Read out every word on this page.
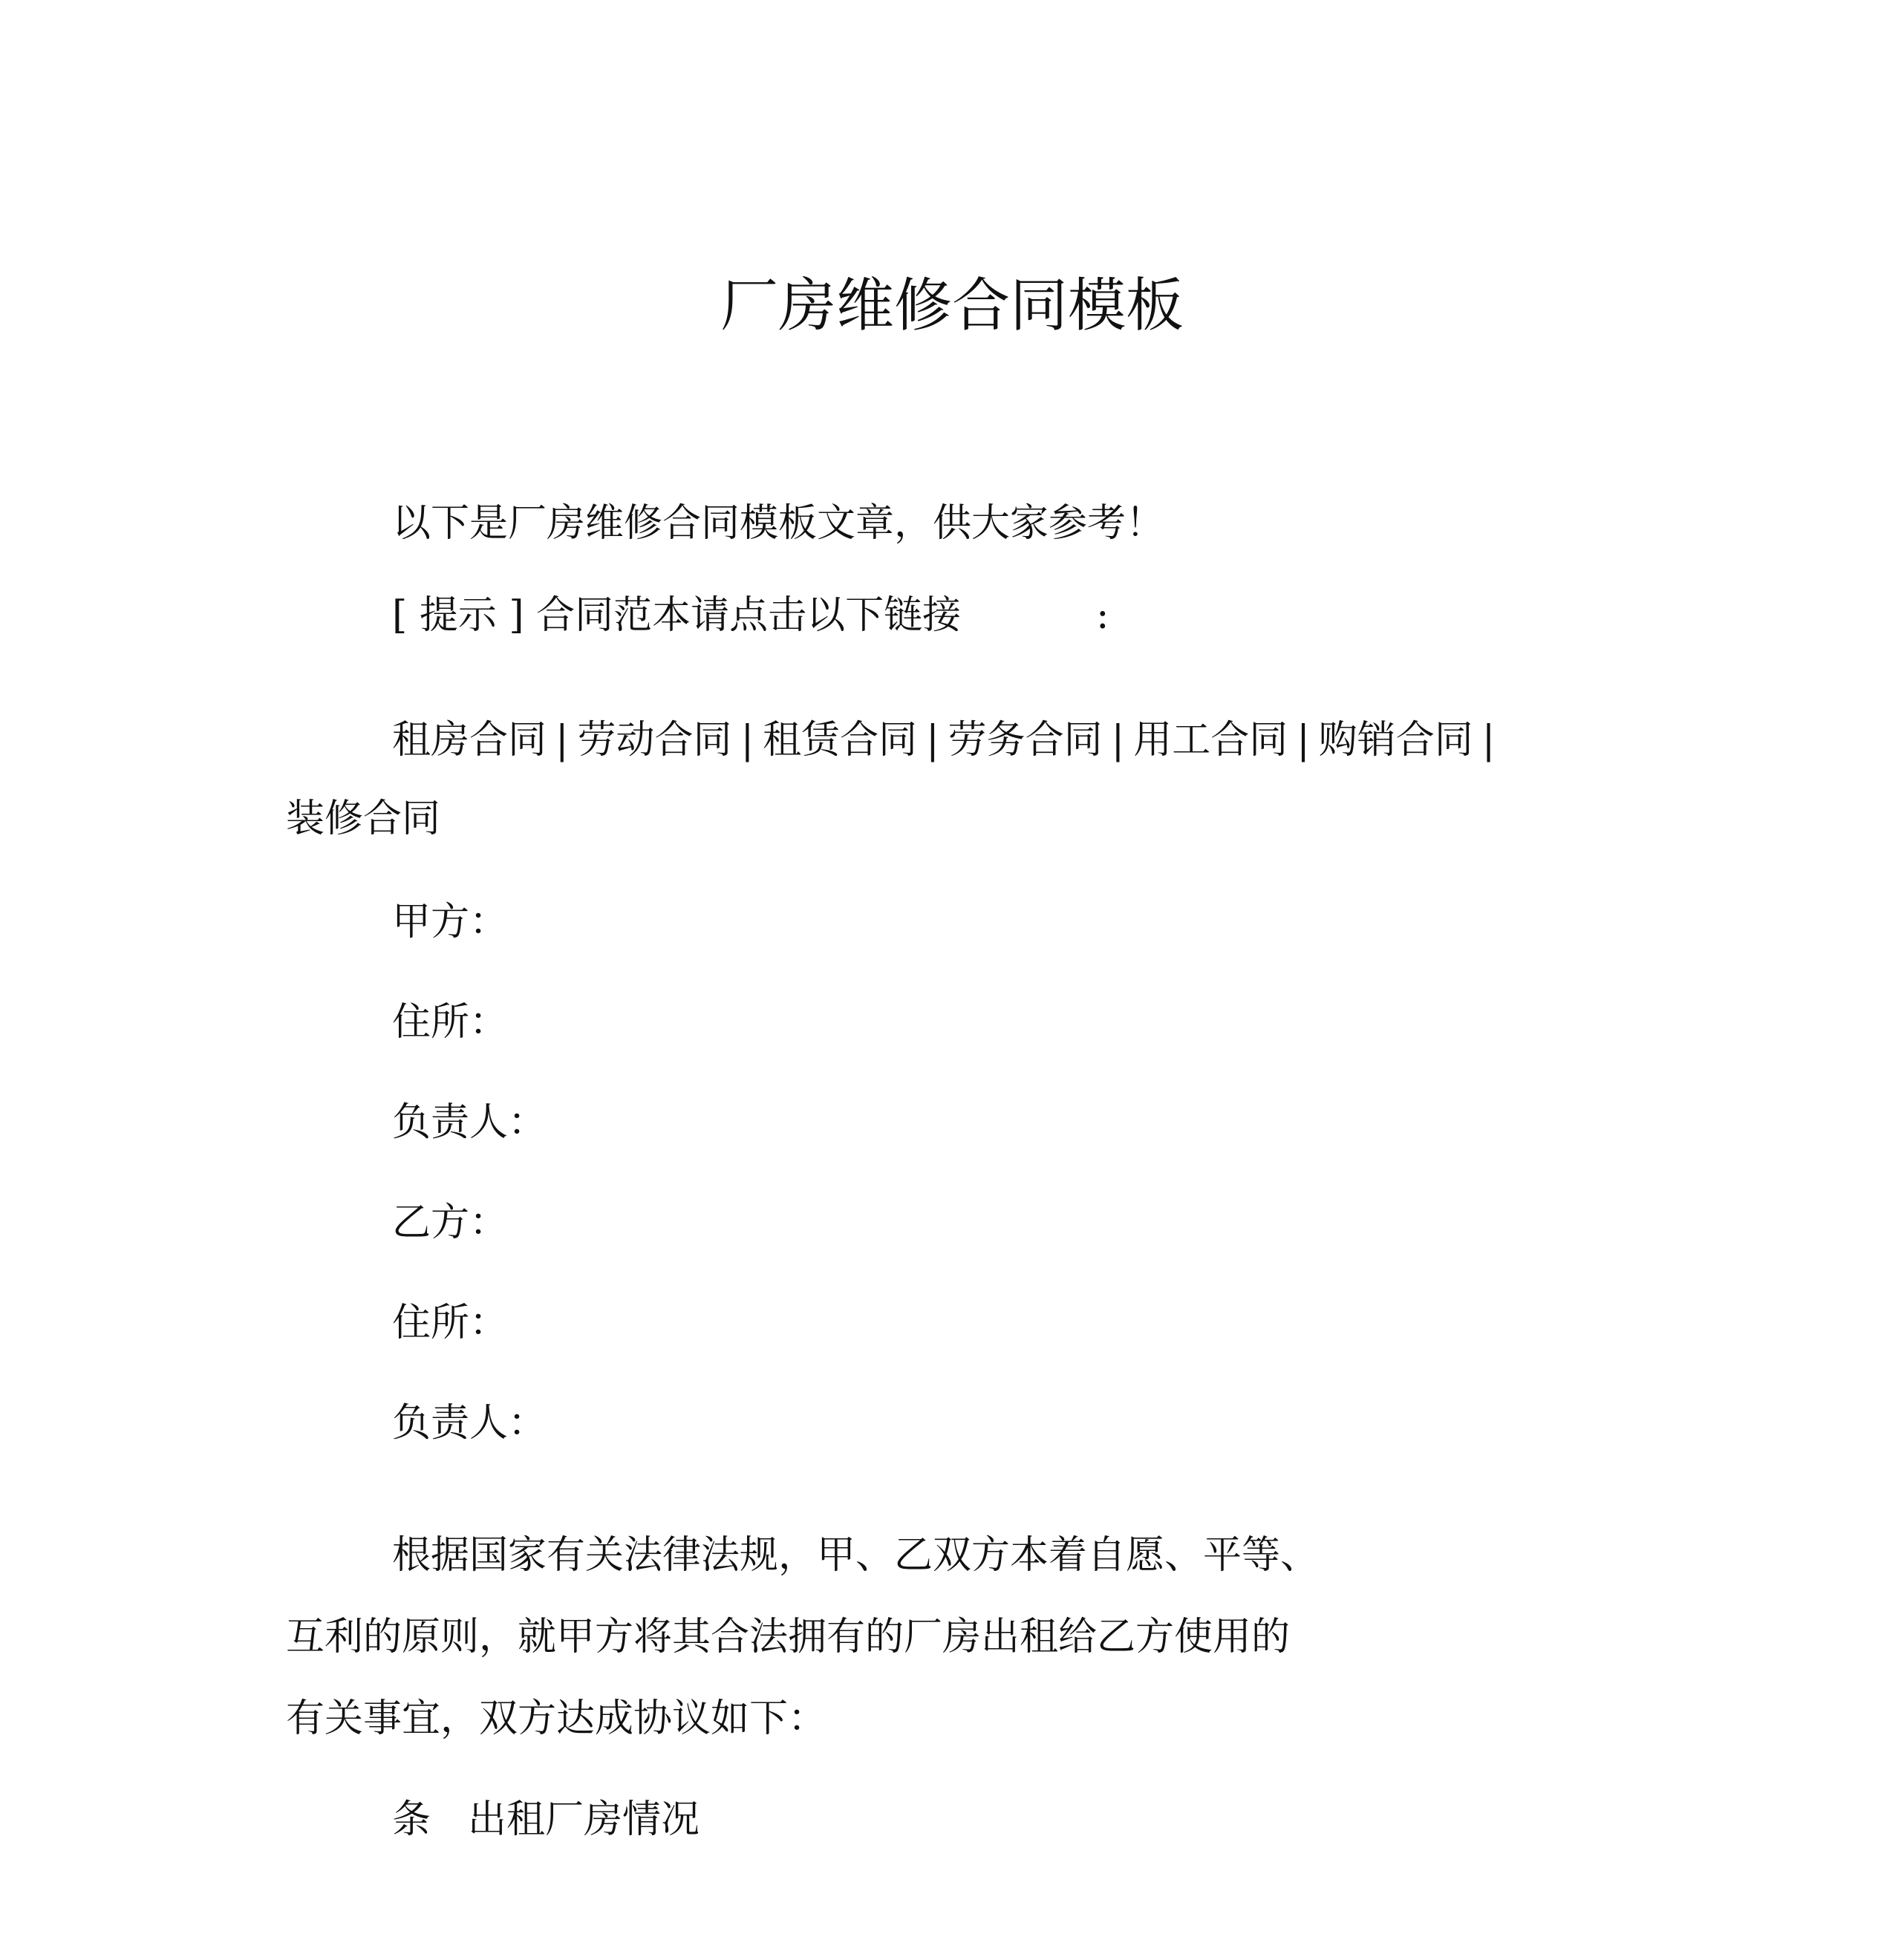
厂房维修合同模板
以下是厂房维修合同模板文章，供大家参考！
[ 提示 ] 合同范本请点击以下链接	:
租房合同 | 劳动合同 | 租赁合同 | 劳务合同 | 用工合同 | 购销合同 |
装修合同
甲方：
住所：
负责人：
乙方：
住所：
负责人：
根据国家有关法律法规，甲、乙双方本着自愿、平等、
互利的原则，就甲方将其合法拥有的厂房出租给乙方使用的
有关事宜，双方达成协议如下：
条 出租厂房情况
